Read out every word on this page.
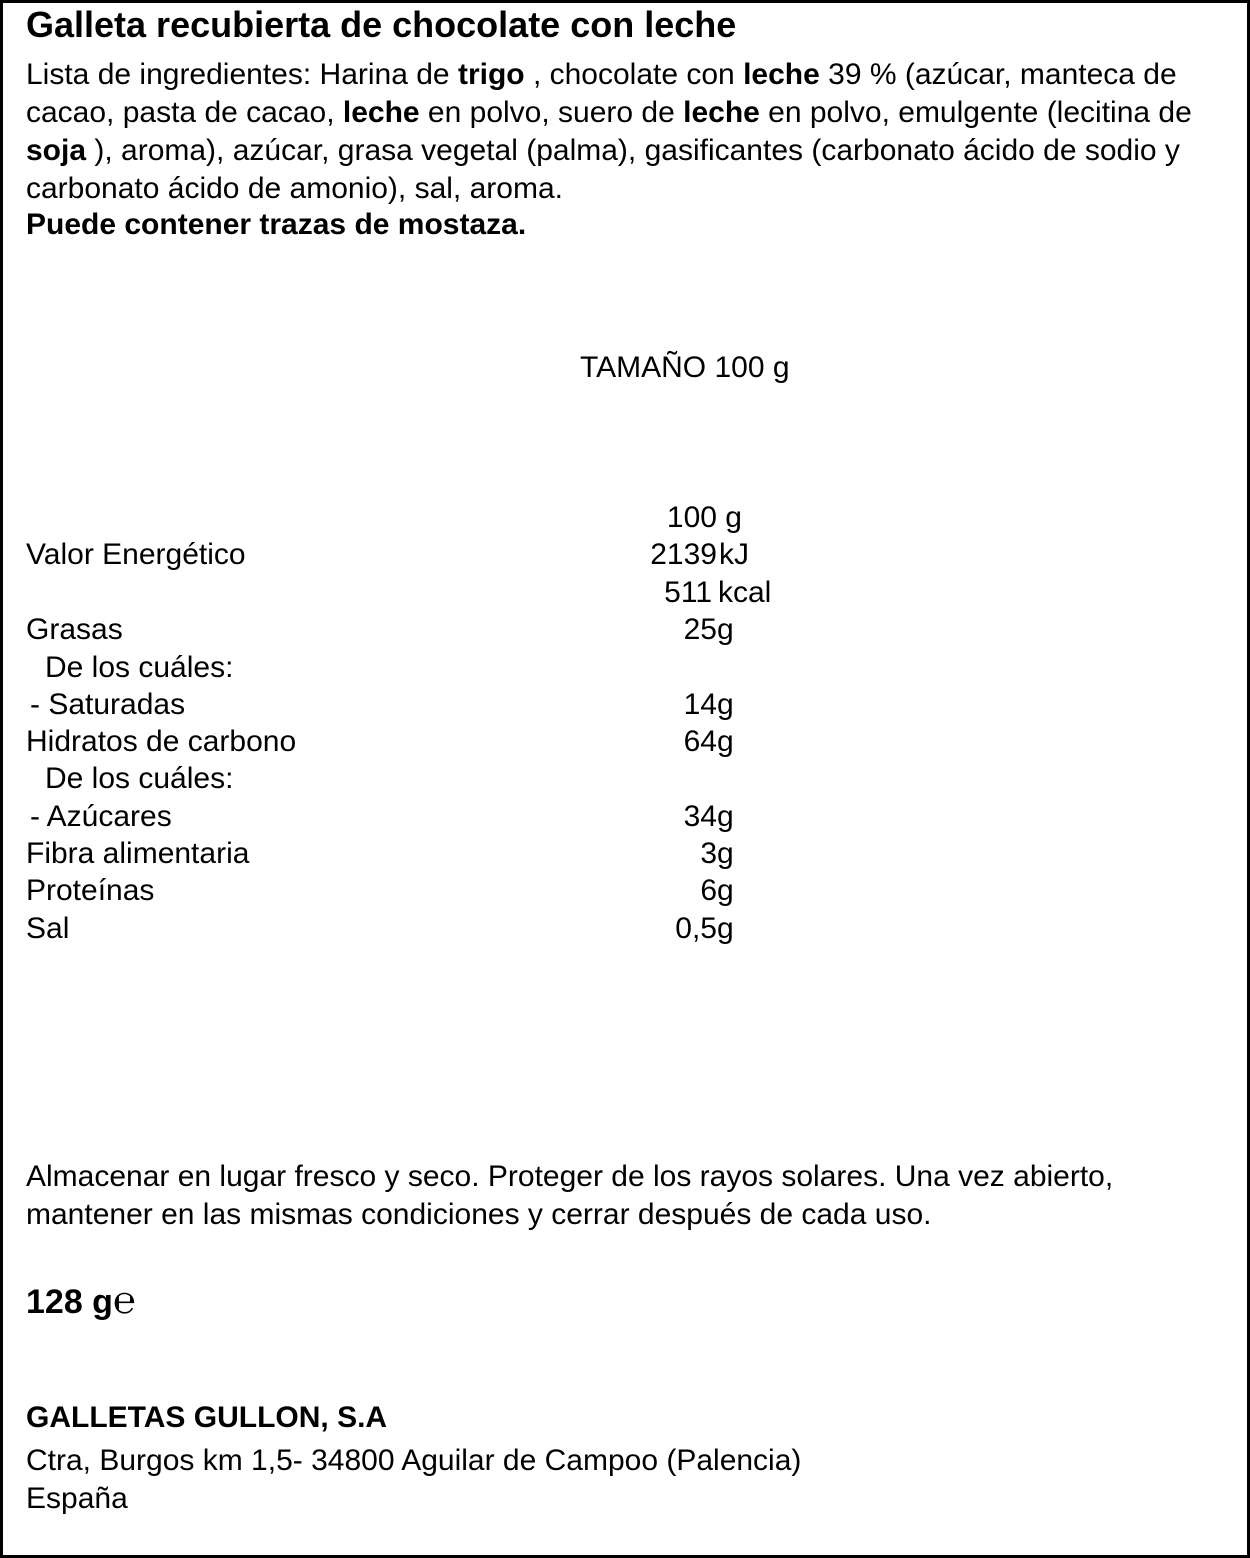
Galleta recubierta de chocolate con leche
Lista de ingredientes: Harina de trigo , chocolate con leche 39 % (azúcar, manteca de cacao, pasta de cacao, leche en polvo, suero de leche en polvo, emulgente (lecitina de soja ), aroma), azúcar, grasa vegetal (palma), gasificantes (carbonato ácido de sodio y carbonato ácido de amonio), sal, aroma.
Puede contener trazas de mostaza.
TAMAÑO 100 g
100 g
Valor Energético	2139 kJ
511 kcal
Grasas	25 g
De los cuáles:
- Saturadas	14 g
Hidratos de carbono	64 g
De los cuáles:
- Azúcares	34 g
Fibra alimentaria	3 g
Proteínas	6 g
Sal	0,5 g
Almacenar en lugar fresco y seco. Proteger de los rayos solares. Una vez abierto,
mantener en las mismas condiciones y cerrar después de cada uso.
128 g℮
GALLETAS GULLON, S.A
Ctra, Burgos km 1,5- 34800 Aguilar de Campoo (Palencia)
España
